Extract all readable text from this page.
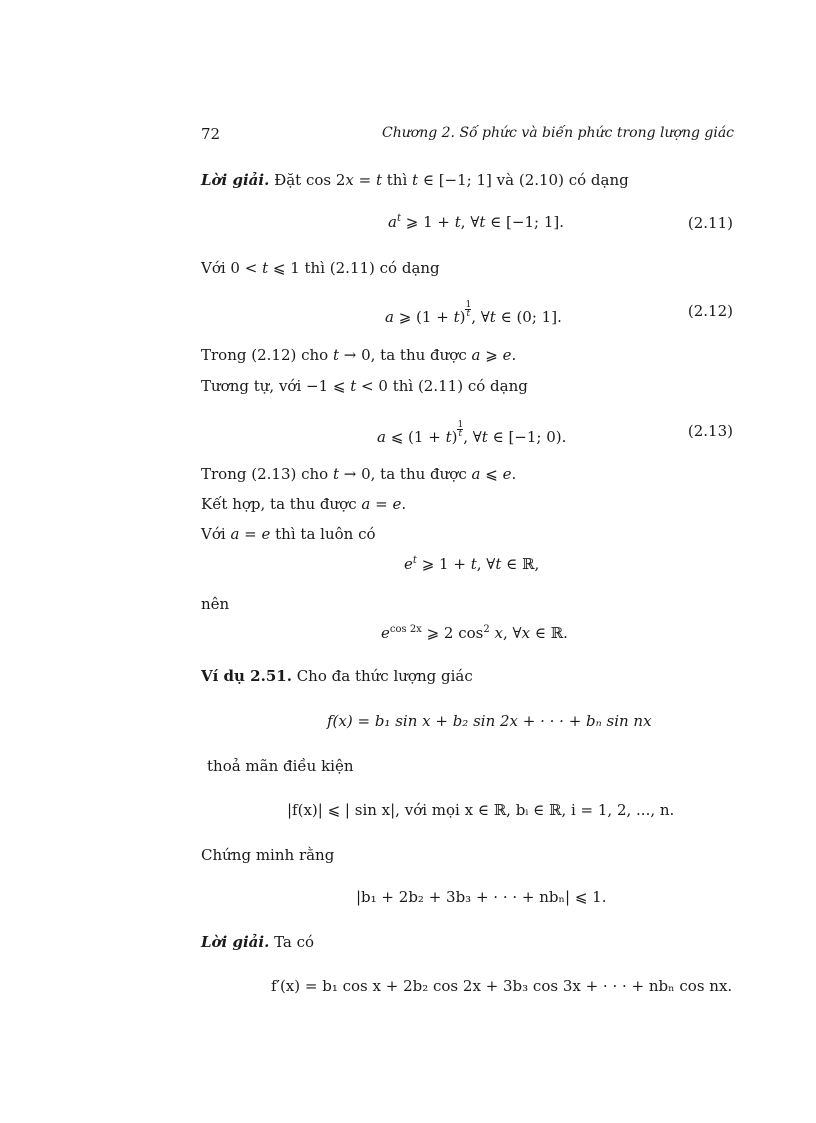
72	Chương 2. Số phức và biến phức trong lượng giác
Lời giải. Đặt cos 2x = t thì t ∈ [−1; 1] và (2.10) có dạng
$a^t$ ⩾ 1 + t, ∀t ∈ [−1; 1].	(2.11)
Với 0 < t ⩽ 1 thì (2.11) có dạng
a ⩾ $(1 + t) \frac{1}{t}$ , ∀t ∈ (0; 1].	(2.12)
Trong (2.12) cho t → 0, ta thu được a ⩾ e.
Tương tự, với −1 ⩽ t < 0 thì (2.11) có dạng
a ⩽ $(1 + t) \frac{1}{t}$ , ∀t ∈ [−1; 0).	(2.13)
Trong (2.13) cho t → 0, ta thu được a ⩽ e.
Kết hợp, ta thu được a = e.
Với a = e thì ta luôn có
$e^t$ ⩾ 1 + t, ∀t ∈ ℝ,
nên
$e^{cos 2x}$ ⩾ 2 $\cos^2 x$, ∀x ∈ ℝ.
Ví dụ 2.51. Cho đa thức lượng giác
f(x) = b₁ sin x + b₂ sin 2x + · · · + bₙ sin nx
thoả mãn điều kiện
|f(x)| ⩽ | sin x|, với mọi x ∈ ℝ, bᵢ ∈ ℝ, i = 1, 2, ..., n.
Chứng minh rằng
|b₁ + 2b₂ + 3b₃ + · · · + nbₙ| ⩽ 1.
Lời giải. Ta có
f′(x) = b₁ cos x + 2b₂ cos 2x + 3b₃ cos 3x + · · · + nbₙ cos nx.
